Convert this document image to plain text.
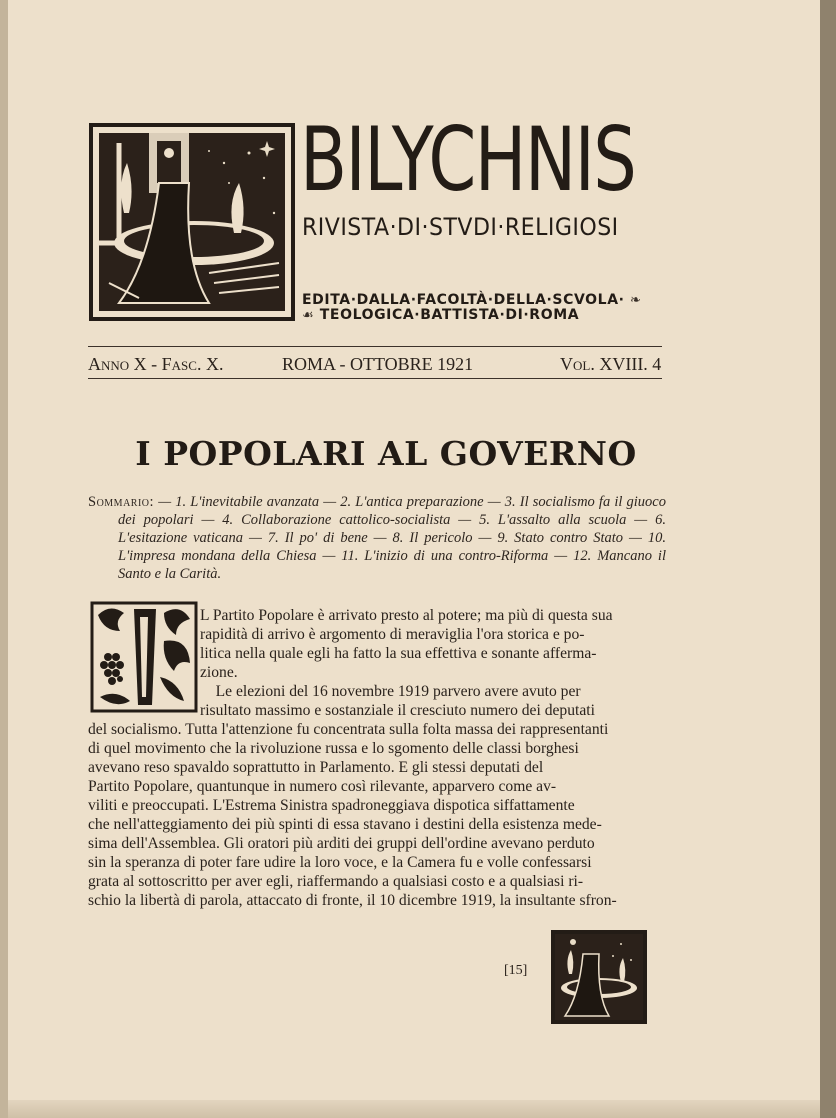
BILYCHNIS
RIVISTA·DI·STVDI·RELIGIOSI
EDITA·DALLA·FACOLTÀ·DELLA·SCVOLA· ❧
☙ TEOLOGICA·BATTISTA·DI·ROMA
Anno X - Fasc. X.	ROMA - OTTOBRE 1921	Vol. XVIII. 4
I POPOLARI AL GOVERNO

Sommario: — 1. L'inevitabile avanzata — 2. L'antica preparazione — 3. Il socialismo fa il giuoco dei popolari — 4. Collaborazione cattolico-socialista — 5. L'assalto alla scuola — 6. L'esitazione vaticana — 7. Il po' di bene — 8. Il pericolo — 9. Stato contro Stato — 10. L'impresa mondana della Chiesa — 11. L'inizio di una contro-Riforma — 12. Mancano il Santo e la Carità.

L Partito Popolare è arrivato presto al potere; ma più di questa sua
rapidità di arrivo è argomento di meraviglia l'ora storica e po-
litica nella quale egli ha fatto la sua effettiva e sonante afferma-
zione.
Le elezioni del 16 novembre 1919 parvero avere avuto per
risultato massimo e sostanziale il cresciuto numero dei deputati
del socialismo. Tutta l'attenzione fu concentrata sulla folta massa dei rappresentanti
di quel movimento che la rivoluzione russa e lo sgomento delle classi borghesi
avevano reso spavaldo soprattutto in Parlamento. E gli stessi deputati del
Partito Popolare, quantunque in numero così rilevante, apparvero come av-
viliti e preoccupati. L'Estrema Sinistra spadroneggiava dispotica siffattamente
che nell'atteggiamento dei più spinti di essa stavano i destini della esistenza mede-
sima dell'Assemblea. Gli oratori più arditi dei gruppi dell'ordine avevano perduto
sin la speranza di poter fare udire la loro voce, e la Camera fu e volle confessarsi
grata al sottoscritto per aver egli, riaffermando a qualsiasi costo e a qualsiasi ri-
schio la libertà di parola, attaccato di fronte, il 10 dicembre 1919, la insultante sfron-
[15]
